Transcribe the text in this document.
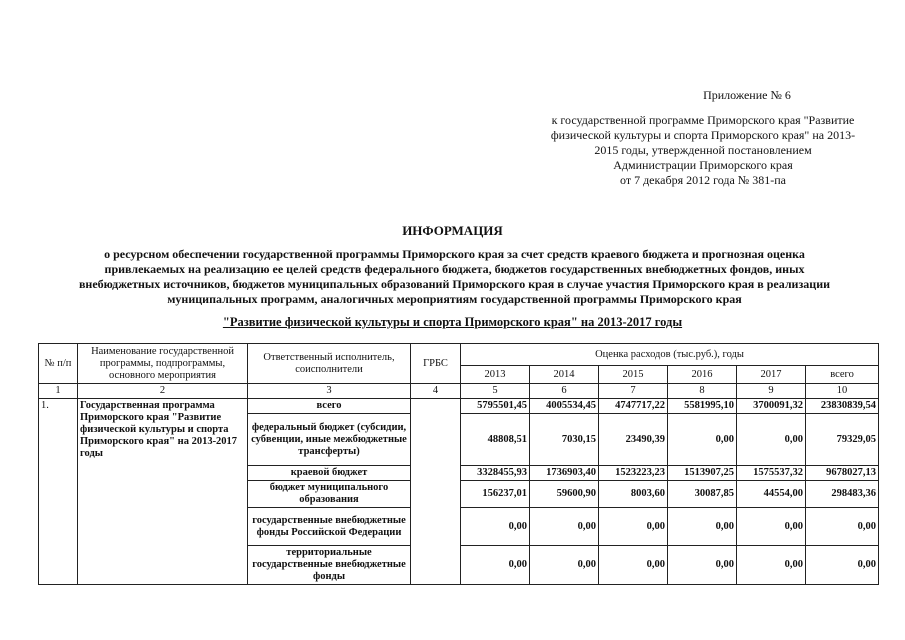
Приложение № 6
к государственной программе Приморского края "Развитие
физической культуры и спорта Приморского края" на 2013-
2015 годы, утвержденной постановлением
Администрации Приморского края
от 7 декабря 2012 года № 381-па
ИНФОРМАЦИЯ
о ресурсном обеспечении государственной программы Приморского края за счет средств краевого бюджета и прогнозная оценка
привлекаемых на реализацию ее целей средств федерального бюджета, бюджетов государственных внебюджетных фондов, иных
внебюджетных источников, бюджетов муниципальных образований Приморского края в случае участия Приморского края в реализации
муниципальных программ, аналогичных мероприятиям государственной программы Приморского края
"Развитие физической культуры и спорта Приморского края" на 2013-2017 годы
№ п/п	Наименование государственной программы, подпрограммы, основного мероприятия	Ответственный исполнитель, соисполнители	ГРБС	Оценка расходов (тыс.руб.), годы					
				2013	2014	2015	2016	2017	всего
1	2	3	4	5	6	7	8	9	10
1.	Государственная программа Приморского края "Развитие физической культуры и спорта Приморского края" на 2013-2017 годы	всего		5795501,45	4005534,45	4747717,22	5581995,10	3700091,32	23830839,54
		федеральный бюджет (субсидии, субвенции, иные межбюджетные трансферты)		48808,51	7030,15	23490,39	0,00	0,00	79329,05
		краевой бюджет		3328455,93	1736903,40	1523223,23	1513907,25	1575537,32	9678027,13
		бюджет муниципального образования		156237,01	59600,90	8003,60	30087,85	44554,00	298483,36
		государственные внебюджетные фонды Российской Федерации		0,00	0,00	0,00	0,00	0,00	0,00
		территориальные государственные внебюджетные фонды		0,00	0,00	0,00	0,00	0,00	0,00
